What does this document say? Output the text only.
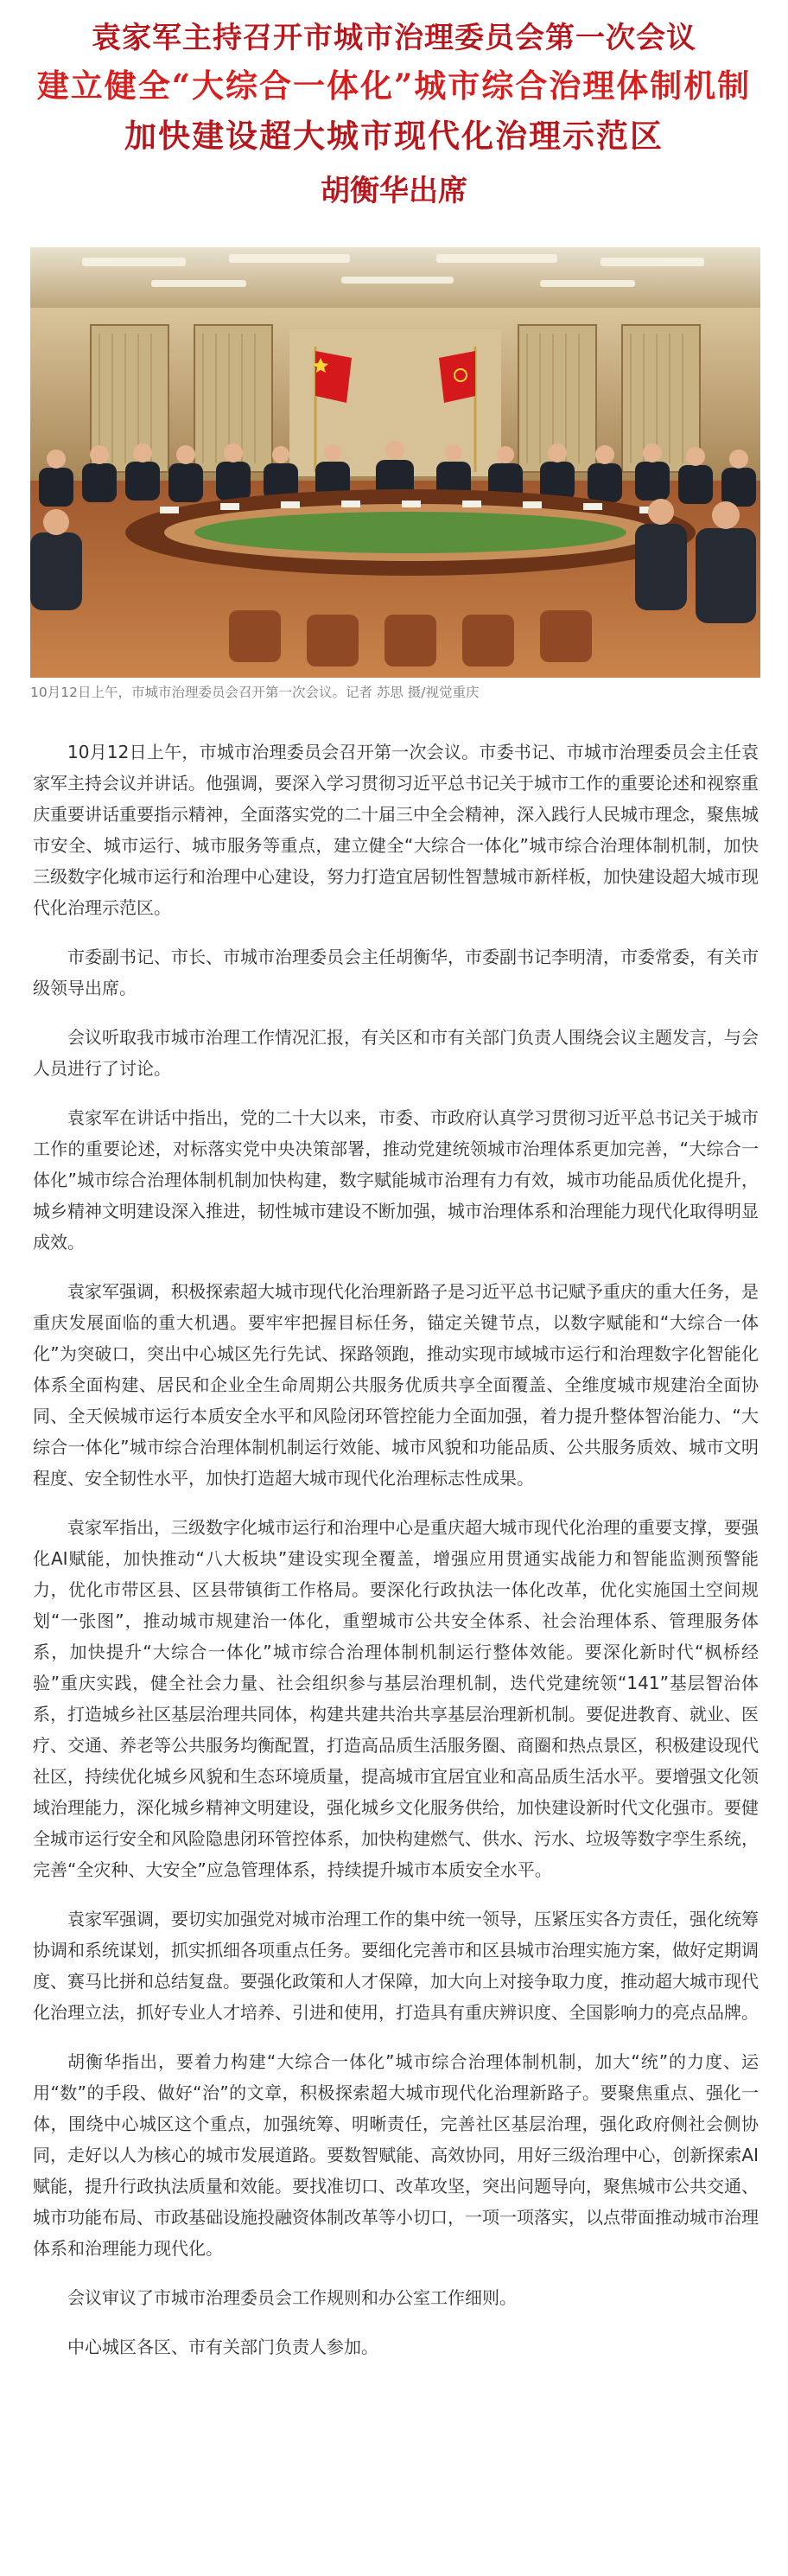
袁家军主持召开市城市治理委员会第一次会议
建立健全“大综合一体化”城市综合治理体制机制
加快建设超大城市现代化治理示范区
胡衡华出席
10月12日上午，市城市治理委员会召开第一次会议。记者 苏思 摄/视觉重庆

10月12日上午，市城市治理委员会召开第一次会议。市委书记、市城市治理委员会主任袁家军主持会议并讲话。他强调，要深入学习贯彻习近平总书记关于城市工作的重要论述和视察重庆重要讲话重要指示精神，全面落实党的二十届三中全会精神，深入践行人民城市理念，聚焦城市安全、城市运行、城市服务等重点，建立健全“大综合一体化”城市综合治理体制机制，加快三级数字化城市运行和治理中心建设，努力打造宜居韧性智慧城市新样板，加快建设超大城市现代化治理示范区。

市委副书记、市长、市城市治理委员会主任胡衡华，市委副书记李明清，市委常委，有关市级领导出席。

会议听取我市城市治理工作情况汇报，有关区和市有关部门负责人围绕会议主题发言，与会人员进行了讨论。

袁家军在讲话中指出，党的二十大以来，市委、市政府认真学习贯彻习近平总书记关于城市工作的重要论述，对标落实党中央决策部署，推动党建统领城市治理体系更加完善，“大综合一体化”城市综合治理体制机制加快构建，数字赋能城市治理有力有效，城市功能品质优化提升，城乡精神文明建设深入推进，韧性城市建设不断加强，城市治理体系和治理能力现代化取得明显成效。

袁家军强调，积极探索超大城市现代化治理新路子是习近平总书记赋予重庆的重大任务，是重庆发展面临的重大机遇。要牢牢把握目标任务，锚定关键节点，以数字赋能和“大综合一体化”为突破口，突出中心城区先行先试、探路领跑，推动实现市域城市运行和治理数字化智能化体系全面构建、居民和企业全生命周期公共服务优质共享全面覆盖、全维度城市规建治全面协同、全天候城市运行本质安全水平和风险闭环管控能力全面加强，着力提升整体智治能力、“大综合一体化”城市综合治理体制机制运行效能、城市风貌和功能品质、公共服务质效、城市文明程度、安全韧性水平，加快打造超大城市现代化治理标志性成果。

袁家军指出，三级数字化城市运行和治理中心是重庆超大城市现代化治理的重要支撑，要强化AI赋能，加快推动“八大板块”建设实现全覆盖，增强应用贯通实战能力和智能监测预警能力，优化市带区县、区县带镇街工作格局。要深化行政执法一体化改革，优化实施国土空间规划“一张图”，推动城市规建治一体化，重塑城市公共安全体系、社会治理体系、管理服务体系，加快提升“大综合一体化”城市综合治理体制机制运行整体效能。要深化新时代“枫桥经验”重庆实践，健全社会力量、社会组织参与基层治理机制，迭代党建统领“141”基层智治体系，打造城乡社区基层治理共同体，构建共建共治共享基层治理新机制。要促进教育、就业、医疗、交通、养老等公共服务均衡配置，打造高品质生活服务圈、商圈和热点景区，积极建设现代社区，持续优化城乡风貌和生态环境质量，提高城市宜居宜业和高品质生活水平。要增强文化领域治理能力，深化城乡精神文明建设，强化城乡文化服务供给，加快建设新时代文化强市。要健全城市运行安全和风险隐患闭环管控体系，加快构建燃气、供水、污水、垃圾等数字孪生系统，完善“全灾种、大安全”应急管理体系，持续提升城市本质安全水平。

袁家军强调，要切实加强党对城市治理工作的集中统一领导，压紧压实各方责任，强化统筹协调和系统谋划，抓实抓细各项重点任务。要细化完善市和区县城市治理实施方案，做好定期调度、赛马比拼和总结复盘。要强化政策和人才保障，加大向上对接争取力度，推动超大城市现代化治理立法，抓好专业人才培养、引进和使用，打造具有重庆辨识度、全国影响力的亮点品牌。

胡衡华指出，要着力构建“大综合一体化”城市综合治理体制机制，加大“统”的力度、运用“数”的手段、做好“治”的文章，积极探索超大城市现代化治理新路子。要聚焦重点、强化一体，围绕中心城区这个重点，加强统筹、明晰责任，完善社区基层治理，强化政府侧社会侧协同，走好以人为核心的城市发展道路。要数智赋能、高效协同，用好三级治理中心，创新探索AI赋能，提升行政执法质量和效能。要找准切口、改革攻坚，突出问题导向，聚焦城市公共交通、城市功能布局、市政基础设施投融资体制改革等小切口，一项一项落实，以点带面推动城市治理体系和治理能力现代化。

会议审议了市城市治理委员会工作规则和办公室工作细则。

中心城区各区、市有关部门负责人参加。
